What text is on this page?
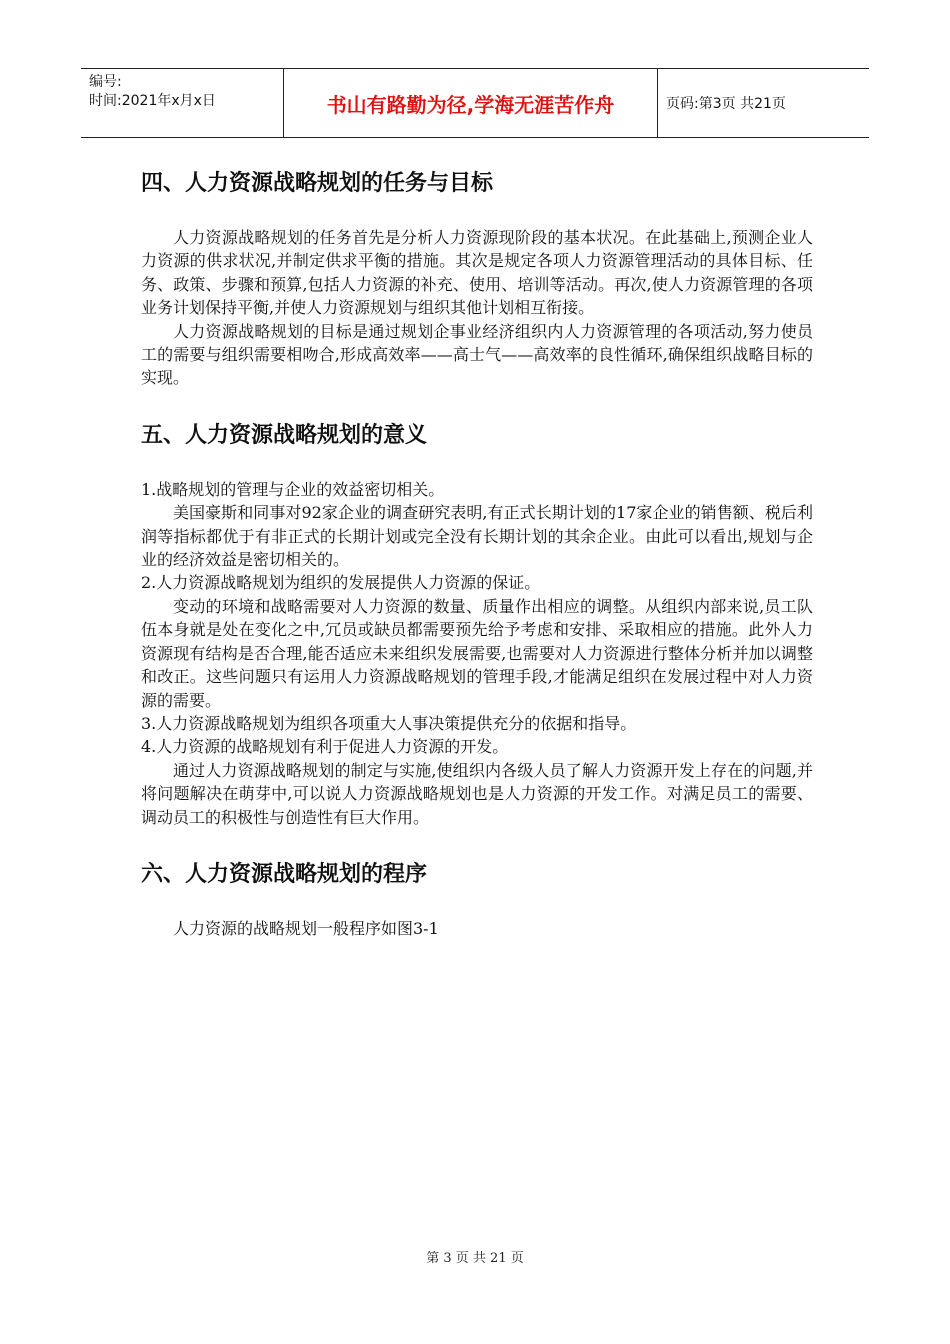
编号:
时间:2021年x月x日	书山有路勤为径,学海无涯苦作舟	页码:第3页 共21页
四、人力资源战略规划的任务与目标

人力资源战略规划的任务首先是分析人力资源现阶段的基本状况。在此基础上,预测企业人力资源的供求状况,并制定供求平衡的措施。其次是规定各项人力资源管理活动的具体目标、任务、政策、步骤和预算,包括人力资源的补充、使用、培训等活动。再次,使人力资源管理的各项业务计划保持平衡,并使人力资源规划与组织其他计划相互衔接。

人力资源战略规划的目标是通过规划企事业经济组织内人力资源管理的各项活动,努力使员工的需要与组织需要相吻合,形成高效率——高士气——高效率的良性循环,确保组织战略目标的实现。

五、人力资源战略规划的意义

1.战略规划的管理与企业的效益密切相关。

美国豪斯和同事对92家企业的调查研究表明,有正式长期计划的17家企业的销售额、税后利润等指标都优于有非正式的长期计划或完全没有长期计划的其余企业。由此可以看出,规划与企业的经济效益是密切相关的。

2.人力资源战略规划为组织的发展提供人力资源的保证。

变动的环境和战略需要对人力资源的数量、质量作出相应的调整。从组织内部来说,员工队伍本身就是处在变化之中,冗员或缺员都需要预先给予考虑和安排、采取相应的措施。此外人力资源现有结构是否合理,能否适应未来组织发展需要,也需要对人力资源进行整体分析并加以调整和改正。这些问题只有运用人力资源战略规划的管理手段,才能满足组织在发展过程中对人力资源的需要。

3.人力资源战略规划为组织各项重大人事决策提供充分的依据和指导。

4.人力资源的战略规划有利于促进人力资源的开发。

通过人力资源战略规划的制定与实施,使组织内各级人员了解人力资源开发上存在的问题,并将问题解决在萌芽中,可以说人力资源战略规划也是人力资源的开发工作。对满足员工的需要、调动员工的积极性与创造性有巨大作用。

六、人力资源战略规划的程序

人力资源的战略规划一般程序如图3-1

第 3 页 共 21 页
